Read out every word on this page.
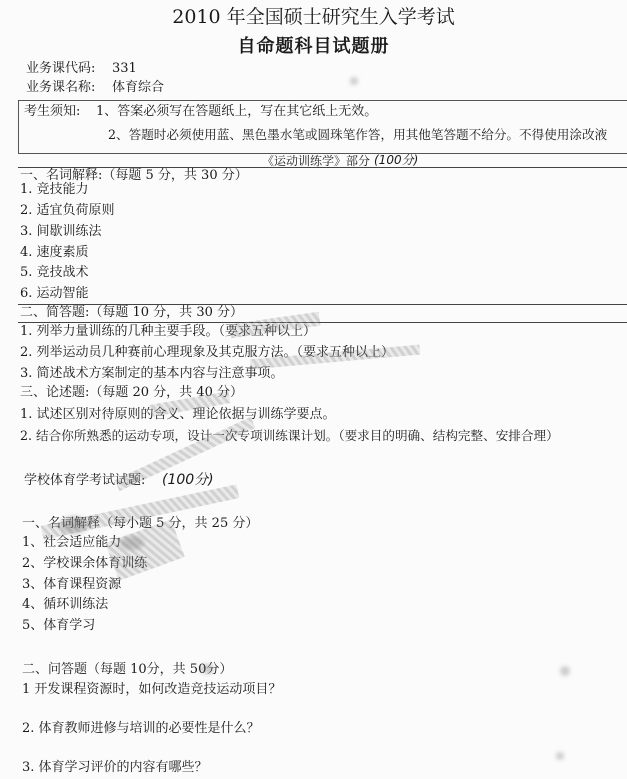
2010 年全国硕士研究生入学考试
自命题科目试题册
业务课代码: 331
业务课名称: 体育综合
考生须知: 1、答案必须写在答题纸上，写在其它纸上无效。
2、答题时必须使用蓝、黑色墨水笔或圆珠笔作答，用其他笔答题不给分。不得使用涂改液
《运动训练学》部分 (100分)
一、名词解释:（每题 5 分，共 30 分）
1. 竞技能力
2. 适宜负荷原则
3. 间歇训练法
4. 速度素质
5. 竞技战术
6. 运动智能
二、简答题:（每题 10 分，共 30 分）
1. 列举力量训练的几种主要手段。（要求五种以上）
2. 列举运动员几种赛前心理现象及其克服方法。（要求五种以上）
3. 简述战术方案制定的基本内容与注意事项。
三、论述题:（每题 20 分，共 40 分）
1. 试述区别对待原则的含义、理论依据与训练学要点。
2. 结合你所熟悉的运动专项，设计一次专项训练课计划。（要求目的明确、结构完整、安排合理）
学校体育学考试试题: (100分)
一、名词解释（每小题 5 分，共 25 分）
1、社会适应能力
2、学校课余体育训练
3、体育课程资源
4、循环训练法
5、体育学习
二、问答题（每题 10分，共 50分）
1 开发课程资源时，如何改造竞技运动项目？
2. 体育教师进修与培训的必要性是什么？
3. 体育学习评价的内容有哪些？
